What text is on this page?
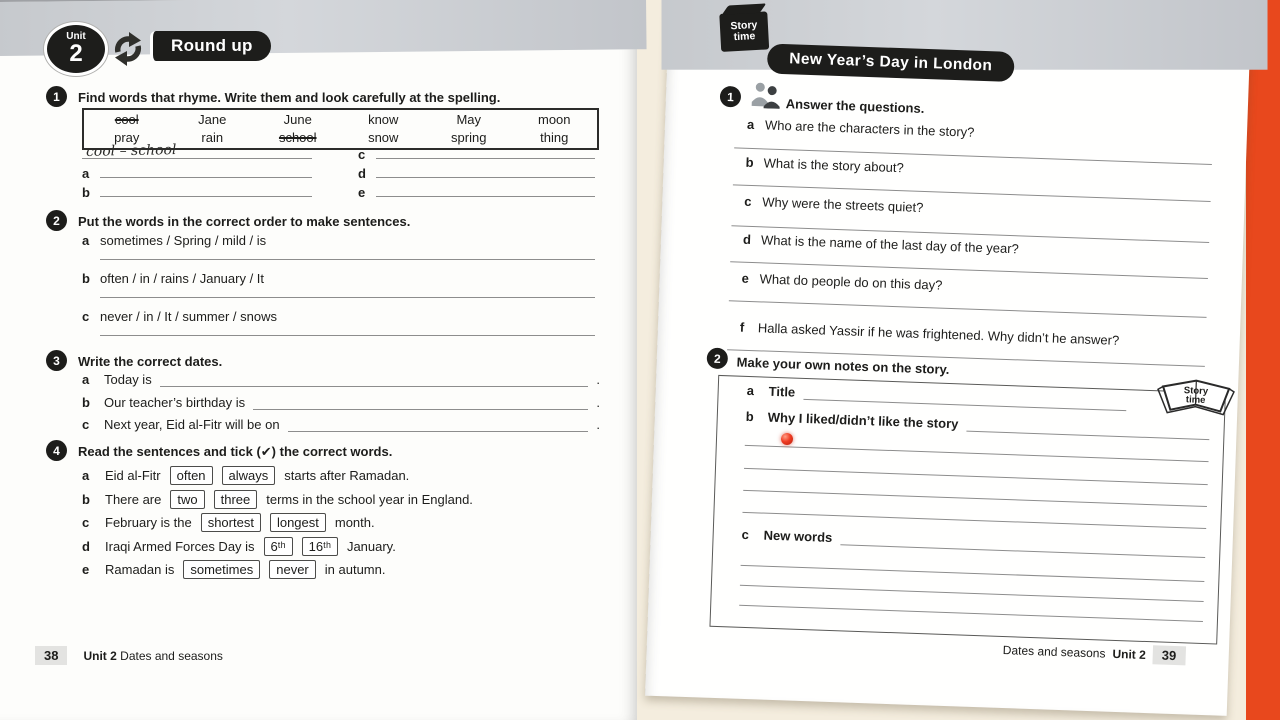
Unit
2	Round up
1	Find words that rhyme. Write them and look carefully at the spelling.
cool	Jane	June	know	May	moon
pray	rain	school	snow	spring	thing
cool – school
a
b
c
d
e
2	Put the words in the correct order to make sentences.
a sometimes / Spring / mild / is
b often / in / rains / January / It
c never / in / It / summer / snows
3	Write the correct dates.
a	Today is	.
b	Our teacher’s birthday is	.
c	Next year, Eid al-Fitr will be on	.
4	Read the sentences and tick (✔) the correct words.
a	Eid al-Fitr	often	always	starts after Ramadan.
b	There are	two	three	terms in the school year in England.
c	February is the	shortest	longest	month.
d	Iraqi Armed Forces Day is	6ᵗʰ	16ᵗʰ	January.
e	Ramadan is	sometimes	never	in autumn.
38	Unit 2 Dates and seasons
Story
time
New Year’s Day in London
1	Answer the questions.
a Who are the characters in the story?
b What is the story about?
c Why were the streets quiet?
d What is the name of the last day of the year?
e What do people do on this day?
f Halla asked Yassir if he was frightened. Why didn’t he answer?
2	Make your own notes on the story.
Story
time
a	Title
b	Why I liked/didn’t like the story
c	New words
Dates and seasons Unit 2	39
